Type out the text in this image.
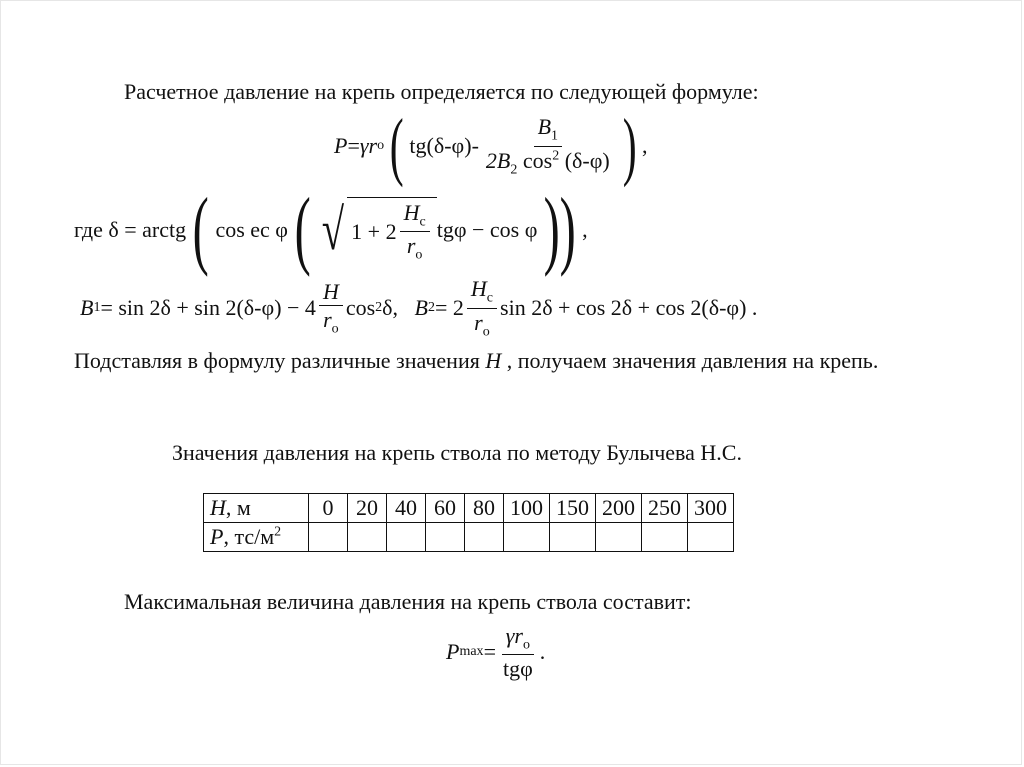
Расчетное давление на крепь определяется по следующей формуле:
P = γr o ( $tg(\delta-\varphi)- \frac{B_1}{2B_2 \cos^2 (\delta-\varphi)}$ ) ,
где
δ = arctg ( cos ec φ ( √ $1 + 2 \frac{H_c}{r_o}$ tgφ − cos φ ) ) ,
B $1 = \sin 2\delta + \sin 2(\delta-\varphi) - 4 \frac{H}{r_o}$ cos 2 δ,
B $2 = 2 \frac{H_c}{r_o}$ sin 2δ + cos 2δ + cos 2(δ-φ) .
Подставляя в формулу различные значения H , получаем значения давления на крепь.
Значения давления на крепь ствола по методу Булычева Н.С.
H, м	0	20	40	60	80	100	150	200	250	300
P, $тс/м^2$										
Максимальная величина давления на крепь ствола составит:
P $\max = \frac{\gamma r_o}{\text{tgφ}}$ .
